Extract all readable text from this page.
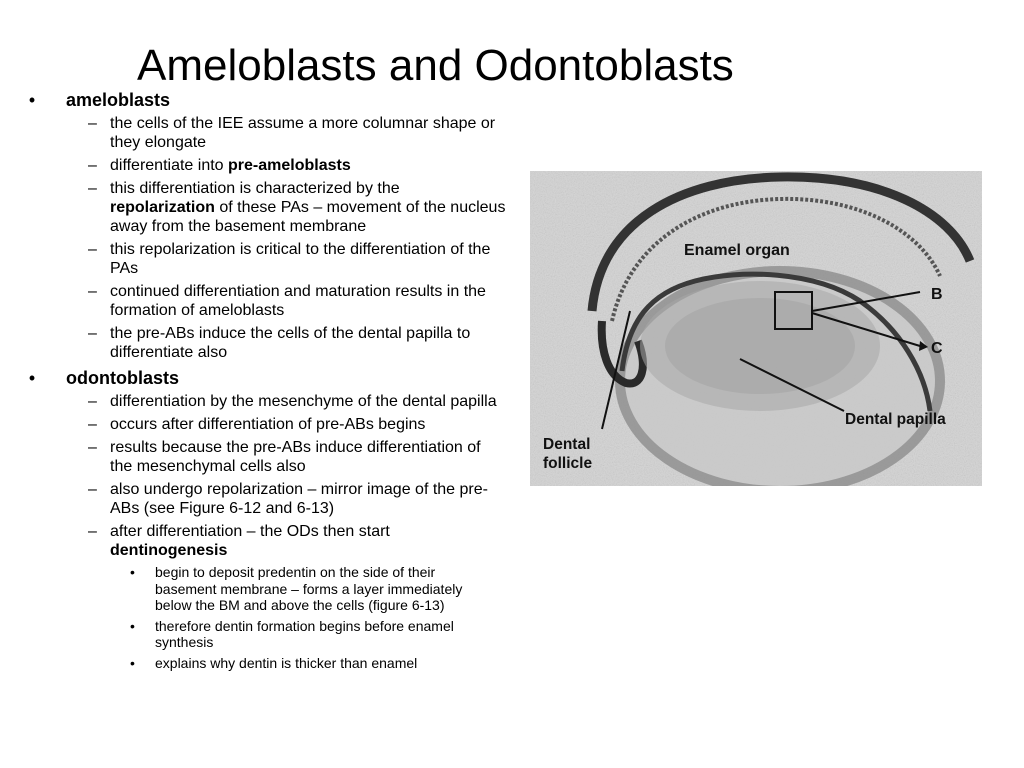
Ameloblasts and Odontoblasts
• ameloblasts
– the cells of the IEE assume a more columnar shape or they elongate
– differentiate into pre-ameloblasts
– this differentiation is characterized by the repolarization of these PAs – movement of the nucleus away from the basement membrane
– this repolarization is critical to the differentiation of the PAs
– continued differentiation and maturation results in the formation of ameloblasts
– the pre-ABs induce the cells of the dental papilla to differentiate also
• odontoblasts
– differentiation by the mesenchyme of the dental papilla
– occurs after differentiation of pre-ABs begins
– results because the pre-ABs induce differentiation of the mesenchymal cells also
– also undergo repolarization – mirror image of the pre-ABs (see Figure 6-12 and 6-13)
– after differentiation – the ODs then start dentinogenesis
• begin to deposit predentin on the side of their basement membrane – forms a layer immediately below the BM and above the cells (figure 6-13)
• therefore dentin formation begins before enamel synthesis
• explains why dentin is thicker than enamel
Enamel organ
B
C
Dental papilla
Dental
follicle
